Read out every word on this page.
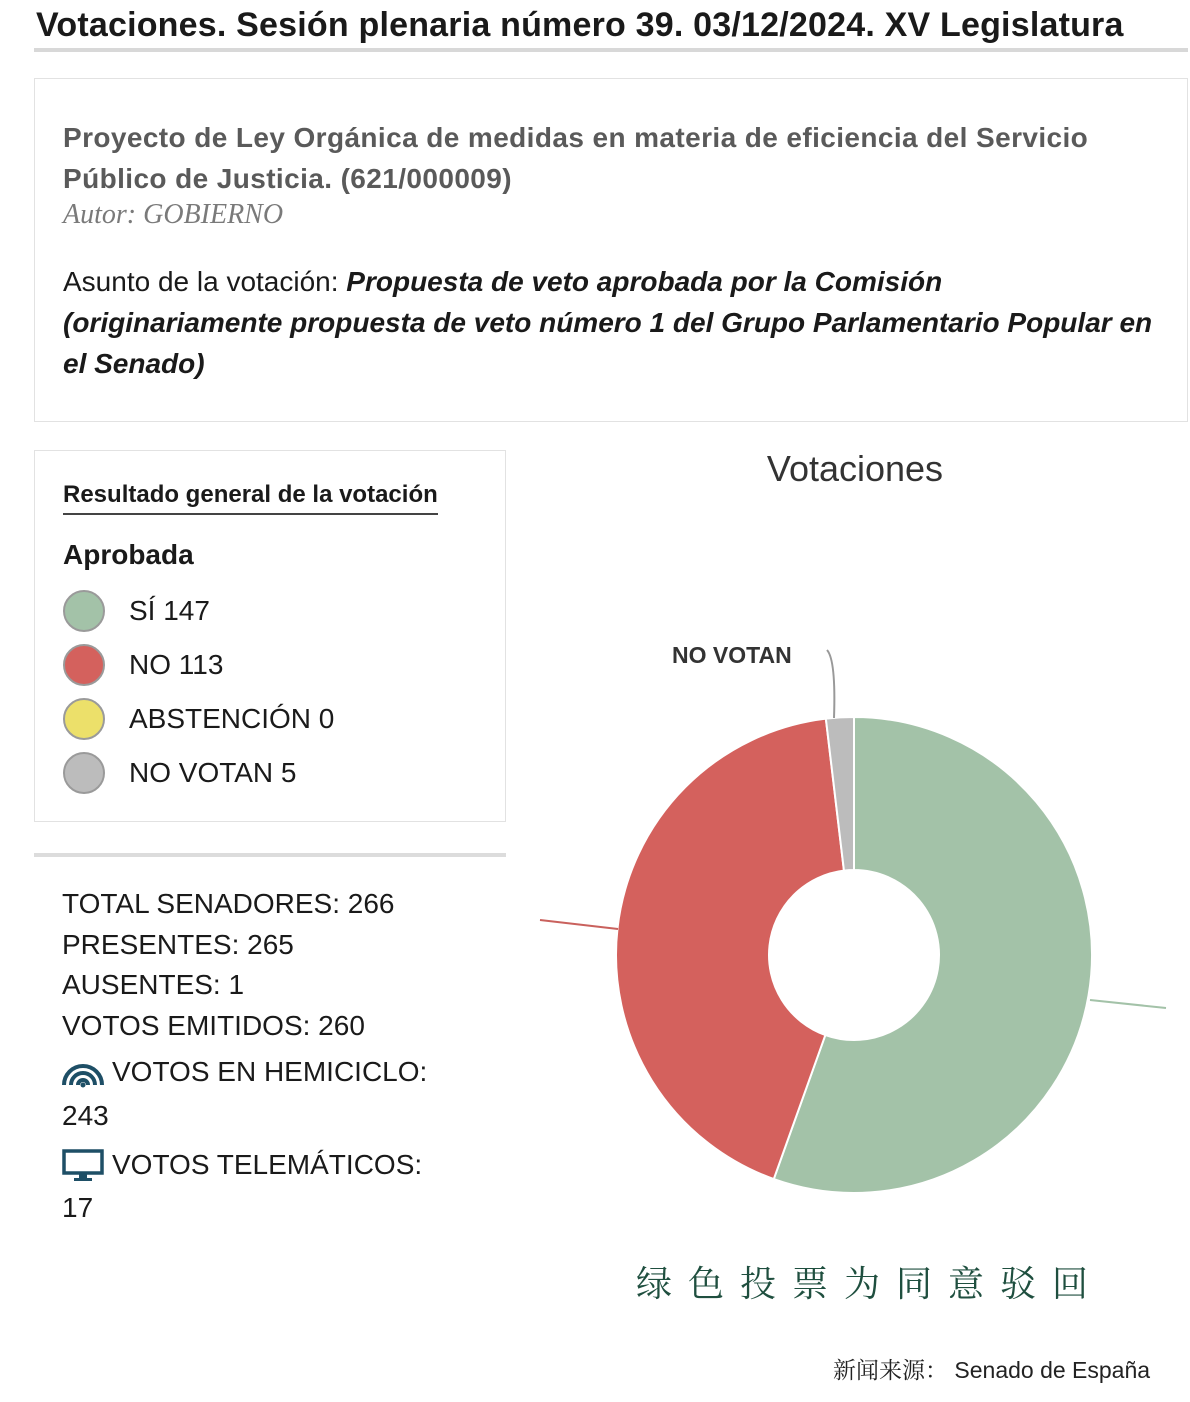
Votaciones. Sesión plenaria número 39. 03/12/2024. XV Legislatura
Proyecto de Ley Orgánica de medidas en materia de eficiencia del Servicio Público de Justicia. (621/000009)
Autor: GOBIERNO
Asunto de la votación: Propuesta de veto aprobada por la Comisión (originariamente propuesta de veto número 1 del Grupo Parlamentario Popular en el Senado)
Resultado general de la votación
Aprobada
SÍ 147
NO 113
ABSTENCIÓN 0
NO VOTAN 5
TOTAL SENADORES: 266
PRESENTES: 265
AUSENTES: 1
VOTOS EMITIDOS: 260
VOTOS EN HEMICICLO:
243
VOTOS TELEMÁTICOS:
17
Votaciones
NO VOTAN
绿色投票为同意驳回
新闻来源： Senado de España
